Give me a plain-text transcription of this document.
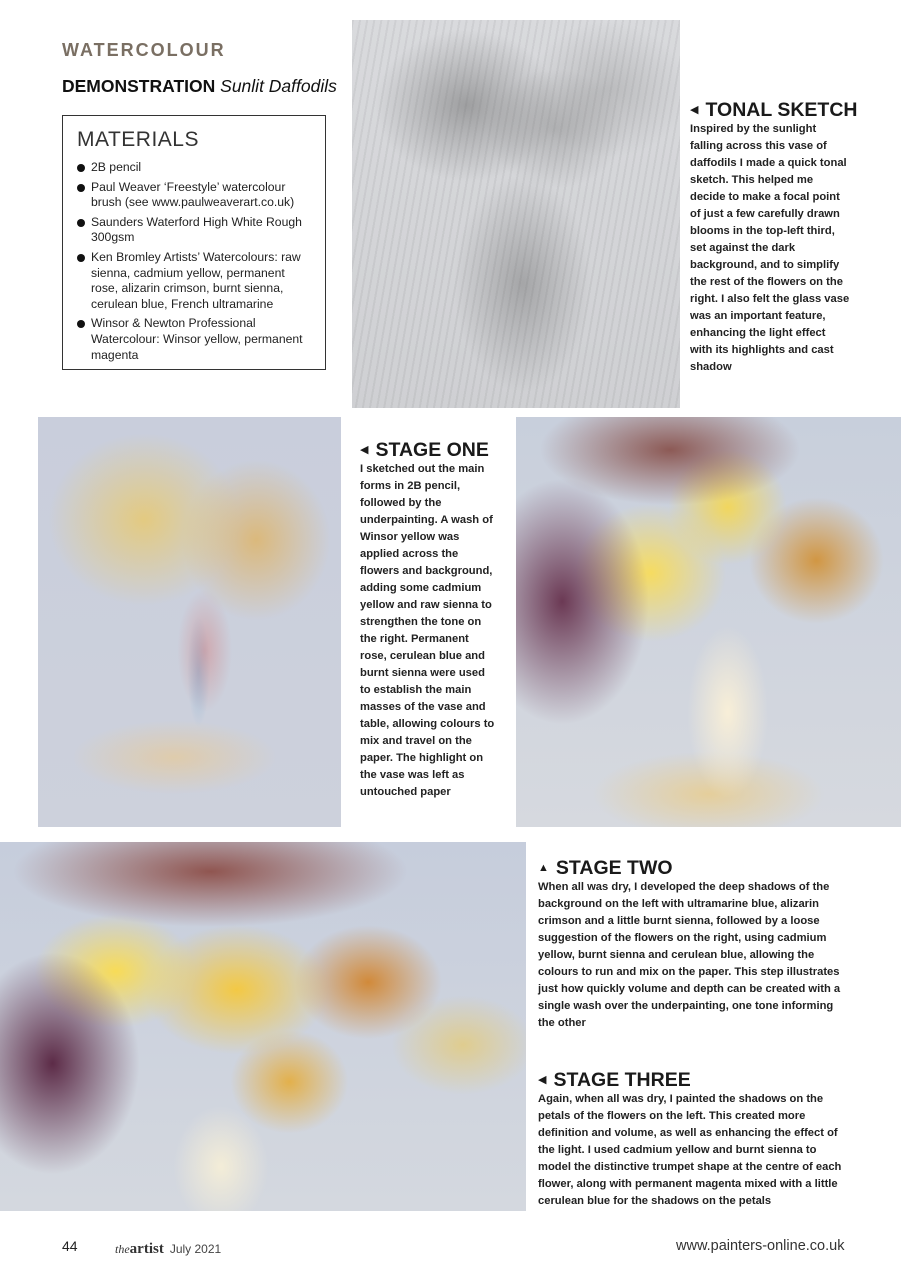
WATERCOLOUR
DEMONSTRATION Sunlit Daffodils
MATERIALS
2B pencil
Paul Weaver ‘Freestyle’ watercolour brush (see www.paulweaverart.co.uk)
Saunders Waterford High White Rough 300gsm
Ken Bromley Artists’ Watercolours: raw sienna, cadmium yellow, permanent rose, alizarin crimson, burnt sienna, cerulean blue, French ultramarine
Winsor & Newton Professional Watercolour: Winsor yellow, permanent magenta
◀ TONAL SKETCH
Inspired by the sunlight falling across this vase of daffodils I made a quick tonal sketch. This helped me decide to make a focal point of just a few carefully drawn blooms in the top-left third, set against the dark background, and to simplify the rest of the flowers on the right. I also felt the glass vase was an important feature, enhancing the light effect with its highlights and cast shadow
◀ STAGE ONE
I sketched out the main forms in 2B pencil, followed by the underpainting. A wash of Winsor yellow was applied across the flowers and background, adding some cadmium yellow and raw sienna to strengthen the tone on the right. Permanent rose, cerulean blue and burnt sienna were used to establish the main masses of the vase and table, allowing colours to mix and travel on the paper. The highlight on the vase was left as untouched paper
▲ STAGE TWO
When all was dry, I developed the deep shadows of the background on the left with ultramarine blue, alizarin crimson and a little burnt sienna, followed by a loose suggestion of the flowers on the right, using cadmium yellow, burnt sienna and cerulean blue, allowing the colours to run and mix on the paper. This step illustrates just how quickly volume and depth can be created with a single wash over the underpainting, one tone informing the other
◀ STAGE THREE
Again, when all was dry, I painted the shadows on the petals of the flowers on the left. This created more definition and volume, as well as enhancing the effect of the light. I used cadmium yellow and burnt sienna to model the distinctive trumpet shape at the centre of each flower, along with permanent magenta mixed with a little cerulean blue for the shadows on the petals
44	theartist July 2021	www.painters-online.co.uk
